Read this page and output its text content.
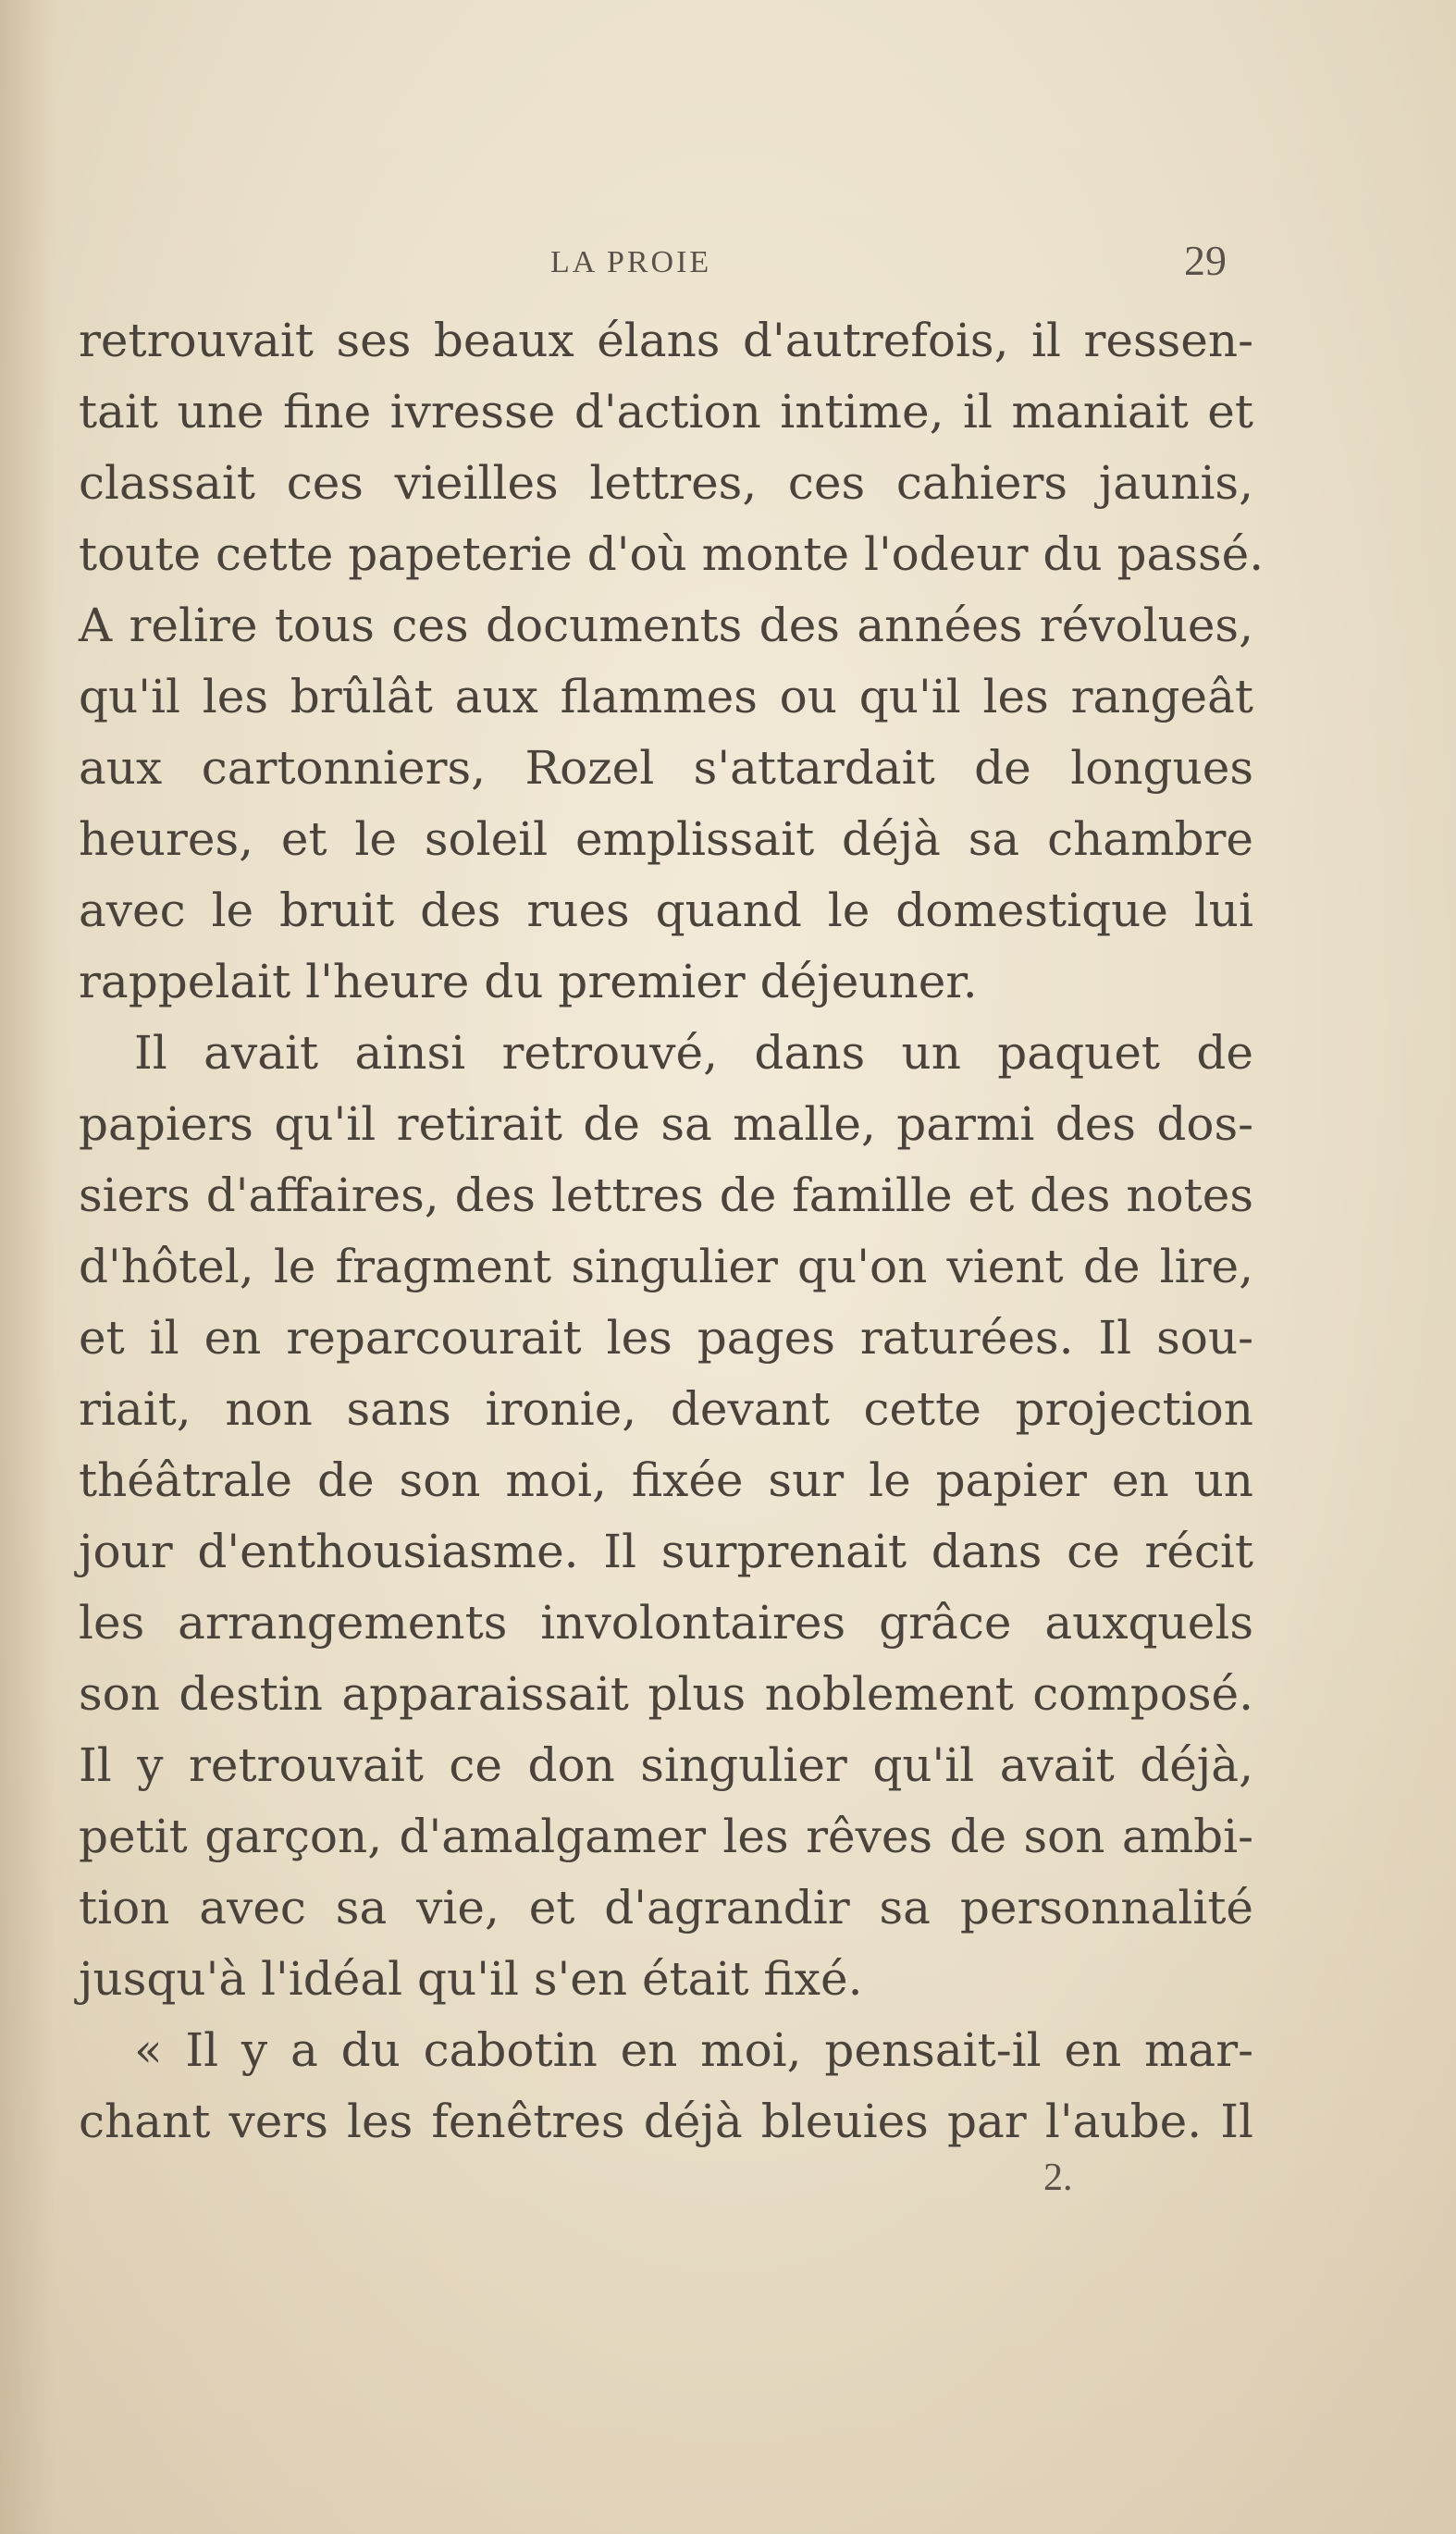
LA PROIE	29
retrouvait ses beaux élans d'autrefois, il ressen-
tait une fine ivresse d'action intime, il maniait et
classait ces vieilles lettres, ces cahiers jaunis,
toute cette papeterie d'où monte l'odeur du passé.
A relire tous ces documents des années révolues,
qu'il les brûlât aux flammes ou qu'il les rangeât
aux cartonniers, Rozel s'attardait de longues
heures, et le soleil emplissait déjà sa chambre
avec le bruit des rues quand le domestique lui
rappelait l'heure du premier déjeuner.
Il avait ainsi retrouvé, dans un paquet de
papiers qu'il retirait de sa malle, parmi des dos-
siers d'affaires, des lettres de famille et des notes
d'hôtel, le fragment singulier qu'on vient de lire,
et il en reparcourait les pages raturées. Il sou-
riait, non sans ironie, devant cette projection
théâtrale de son moi, fixée sur le papier en un
jour d'enthousiasme. Il surprenait dans ce récit
les arrangements involontaires grâce auxquels
son destin apparaissait plus noblement composé.
Il y retrouvait ce don singulier qu'il avait déjà,
petit garçon, d'amalgamer les rêves de son ambi-
tion avec sa vie, et d'agrandir sa personnalité
jusqu'à l'idéal qu'il s'en était fixé.
« Il y a du cabotin en moi, pensait-il en mar-
chant vers les fenêtres déjà bleuies par l'aube. Il
2.
